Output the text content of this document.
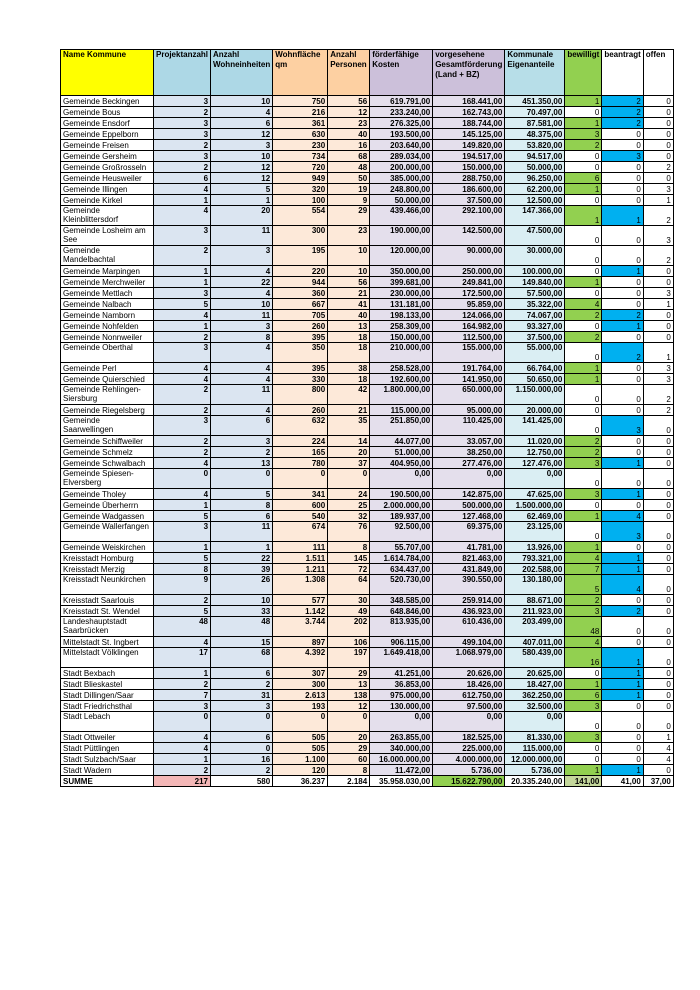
Name Kommune	Projektanzahl	Anzahl Wohneinheiten	Wohnfläche qm	Anzahl Personen	förderfähige Kosten	vorgesehene Gesamtförderung (Land + BZ)	Kommunale Eigenanteile	bewilligt	beantragt	offen
Gemeinde Beckingen	3	10	750	56	619.791,00	168.441,00	451.350,00	1	2	0
Gemeinde Bous	2	4	216	12	233.240,00	162.743,00	70.497,00	0	2	0
Gemeinde Ensdorf	3	6	361	23	276.325,00	188.744,00	87.581,00	1	2	0
Gemeinde Eppelborn	3	12	630	40	193.500,00	145.125,00	48.375,00	3	0	0
Gemeinde Freisen	2	3	230	16	203.640,00	149.820,00	53.820,00	2	0	0
Gemeinde Gersheim	3	10	734	68	289.034,00	194.517,00	94.517,00	0	3	0
Gemeinde Großrosseln	2	12	720	48	200.000,00	150.000,00	50.000,00	0	0	2
Gemeinde Heusweiler	6	12	949	50	385.000,00	288.750,00	96.250,00	6	0	0
Gemeinde Illingen	4	5	320	19	248.800,00	186.600,00	62.200,00	1	0	3
Gemeinde Kirkel	1	1	100	9	50.000,00	37.500,00	12.500,00	0	0	1
Gemeinde Kleinblittersdorf	4	20	554	29	439.466,00	292.100,00	147.366,00	1	1	2
Gemeinde Losheim am See	3	11	300	23	190.000,00	142.500,00	47.500,00	0	0	3
Gemeinde Mandelbachtal	2	3	195	10	120.000,00	90.000,00	30.000,00	0	0	2
Gemeinde Marpingen	1	4	220	10	350.000,00	250.000,00	100.000,00	0	1	0
Gemeinde Merchweiler	1	22	944	56	399.681,00	249.841,00	149.840,00	1	0	0
Gemeinde Mettlach	3	4	360	21	230.000,00	172.500,00	57.500,00	0	0	3
Gemeinde Nalbach	5	10	667	41	131.181,00	95.859,00	35.322,00	4	0	1
Gemeinde Namborn	4	11	705	40	198.133,00	124.066,00	74.067,00	2	2	0
Gemeinde Nohfelden	1	3	260	13	258.309,00	164.982,00	93.327,00	0	1	0
Gemeinde Nonnweiler	2	8	395	18	150.000,00	112.500,00	37.500,00	2	0	0
Gemeinde Oberthal	3	4	350	18	210.000,00	155.000,00	55.000,00	0	2	1
Gemeinde Perl	4	4	395	38	258.528,00	191.764,00	66.764,00	1	0	3
Gemeinde Quierschied	4	4	330	18	192.600,00	141.950,00	50.650,00	1	0	3
Gemeinde Rehlingen-Siersburg	2	11	800	42	1.800.000,00	650.000,00	1.150.000,00	0	0	2
Gemeinde Riegelsberg	2	4	260	21	115.000,00	95.000,00	20.000,00	0	0	2
Gemeinde Saarwellingen	3	6	632	35	251.850,00	110.425,00	141.425,00	0	3	0
Gemeinde Schiffweiler	2	3	224	14	44.077,00	33.057,00	11.020,00	2	0	0
Gemeinde Schmelz	2	2	165	20	51.000,00	38.250,00	12.750,00	2	0	0
Gemeinde Schwalbach	4	13	780	37	404.950,00	277.476,00	127.476,00	3	1	0
Gemeinde Spiesen-Elversberg	0	0	0	0	0,00	0,00	0,00	0	0	0
Gemeinde Tholey	4	5	341	24	190.500,00	142.875,00	47.625,00	3	1	0
Gemeinde Überherrn	1	8	600	25	2.000.000,00	500.000,00	1.500.000,00	0	0	0
Gemeinde Wadgassen	5	6	540	32	189.937,00	127.468,00	62.469,00	1	4	0
Gemeinde Wallerfangen	3	11	674	76	92.500,00	69.375,00	23.125,00	0	3	0
Gemeinde Weiskirchen	1	1	111	8	55.707,00	41.781,00	13.926,00	1	0	0
Kreisstadt Homburg	5	22	1.511	145	1.614.784,00	821.463,00	793.321,00	4	1	0
Kreisstadt Merzig	8	39	1.211	72	634.437,00	431.849,00	202.588,00	7	1	0
Kreisstadt Neunkirchen	9	26	1.308	64	520.730,00	390.550,00	130.180,00	5	4	0
Kreisstadt Saarlouis	2	10	577	30	348.585,00	259.914,00	88.671,00	2	0	0
Kreisstadt St. Wendel	5	33	1.142	49	648.846,00	436.923,00	211.923,00	3	2	0
Landeshauptstadt Saarbrücken	48	48	3.744	202	813.935,00	610.436,00	203.499,00	48	0	0
Mittelstadt St. Ingbert	4	15	897	106	906.115,00	499.104,00	407.011,00	4	0	0
Mittelstadt Völklingen	17	68	4.392	197	1.649.418,00	1.068.979,00	580.439,00	16	1	0
Stadt Bexbach	1	6	307	29	41.251,00	20.626,00	20.625,00	0	1	0
Stadt Blieskastel	2	2	300	13	36.853,00	18.426,00	18.427,00	1	1	0
Stadt Dillingen/Saar	7	31	2.613	138	975.000,00	612.750,00	362.250,00	6	1	0
Stadt Friedrichsthal	3	3	193	12	130.000,00	97.500,00	32.500,00	3	0	0
Stadt Lebach	0	0	0	0	0,00	0,00	0,00	0	0	0
Stadt Ottweiler	4	6	505	20	263.855,00	182.525,00	81.330,00	3	0	1
Stadt Püttlingen	4	0	505	29	340.000,00	225.000,00	115.000,00	0	0	4
Stadt Sulzbach/Saar	1	16	1.100	60	16.000.000,00	4.000.000,00	12.000.000,00	0	0	4
Stadt Wadern	2	2	120	8	11.472,00	5.736,00	5.736,00	1	1	0
SUMME	217	580	36.237	2.184	35.958.030,00	15.622.790,00	20.335.240,00	141,00	41,00	37,00
